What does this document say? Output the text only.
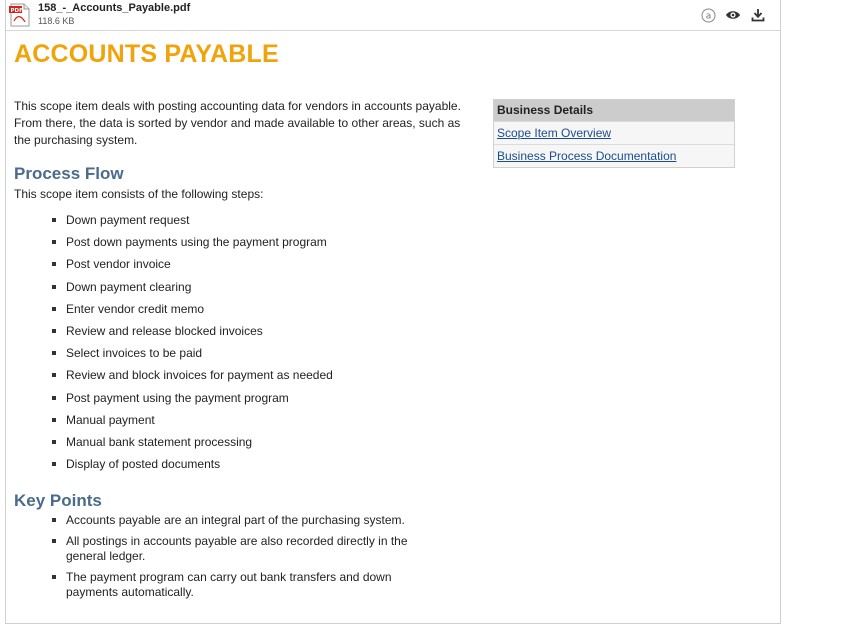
PDF 158_-_Accounts_Payable.pdf
118.6 KB	a
ACCOUNTS PAYABLE
This scope item deals with posting accounting data for vendors in accounts payable. From there, the data is sorted by vendor and made available to other areas, such as the purchasing system.
Process Flow
This scope item consists of the following steps:
Down payment request
Post down payments using the payment program
Post vendor invoice
Down payment clearing
Enter vendor credit memo
Review and release blocked invoices
Select invoices to be paid
Review and block invoices for payment as needed
Post payment using the payment program
Manual payment
Manual bank statement processing
Display of posted documents
Key Points
Accounts payable are an integral part of the purchasing system.
All postings in accounts payable are also recorded directly in the general ledger.
The payment program can carry out bank transfers and down payments automatically.
Business Details
Scope Item Overview
Business Process Documentation
